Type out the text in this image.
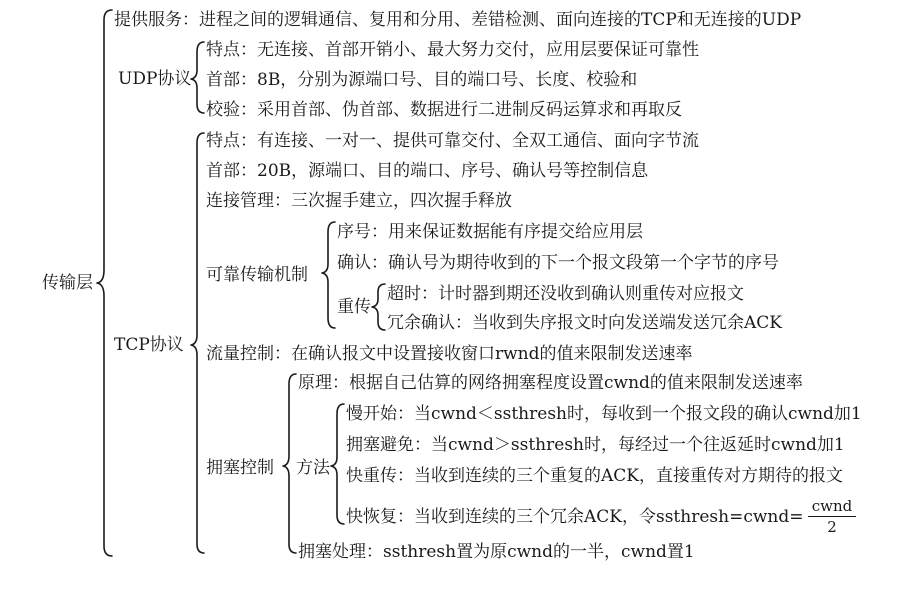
传输层
提供服务：进程之间的逻辑通信、复用和分用、差错检测、面向连接的TCP和无连接的UDP
UDP协议
特点：无连接、首部开销小、最大努力交付，应用层要保证可靠性
首部：8B，分别为源端口号、目的端口号、长度、校验和
校验：采用首部、伪首部、数据进行二进制反码运算求和再取反
TCP协议
特点：有连接、一对一、提供可靠交付、全双工通信、面向字节流
首部：20B，源端口、目的端口、序号、确认号等控制信息
连接管理：三次握手建立，四次握手释放
可靠传输机制
序号：用来保证数据能有序提交给应用层
确认：确认号为期待收到的下一个报文段第一个字节的序号
重传
超时：计时器到期还没收到确认则重传对应报文
冗余确认：当收到失序报文时向发送端发送冗余ACK
流量控制：在确认报文中设置接收窗口rwnd的值来限制发送速率
拥塞控制
原理：根据自己估算的网络拥塞程度设置cwnd的值来限制发送速率
方法
慢开始：当cwnd＜ssthresh时，每收到一个报文段的确认cwnd加1
拥塞避免：当cwnd＞ssthresh时，每经过一个往返延时cwnd加1
快重传：当收到连续的三个重复的ACK，直接重传对方期待的报文
快恢复：当收到连续的三个冗余ACK，令ssthresh=cwnd=
cwnd
2
拥塞处理：ssthresh置为原cwnd的一半，cwnd置1
